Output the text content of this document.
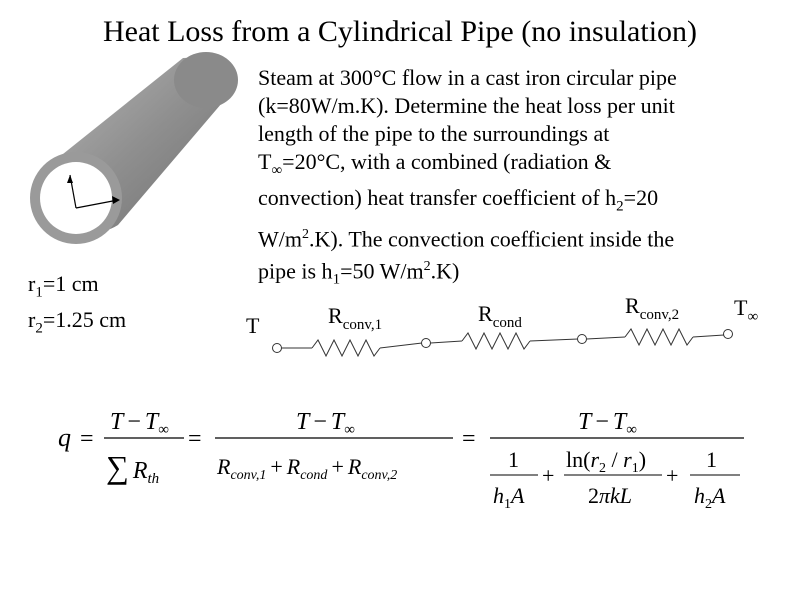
Heat Loss from a Cylindrical Pipe (no insulation)
Steam at 300°C flow in a cast iron circular pipe
(k=80W/m.K). Determine the heat loss per unit
length of the pipe to the surroundings at
$T_\infty=20^\circ C$, with a combined (radiation &
convection) heat transfer coefficient of $h_2=20$
$W/m^2.K$). The convection coefficient inside the
pipe is $h_1=50$ $W/m^2.K$)
$r_1=1$ cm
$r_2=1.25$ cm	T	$R_{conv,1}$	$R_{cond}$
$R_{conv,2}$ $T_\infty$
q =
$T - T_\infty$
∑ $R_{th}$
=
$T - T_\infty$
$R_{conv,1} + R_{cond} + R_{conv,2}$
=
$T - T_\infty$
1
$h_1A$
+
$\ln(r_2 / r_1)$
2πkL
+
1
$h_2A$
